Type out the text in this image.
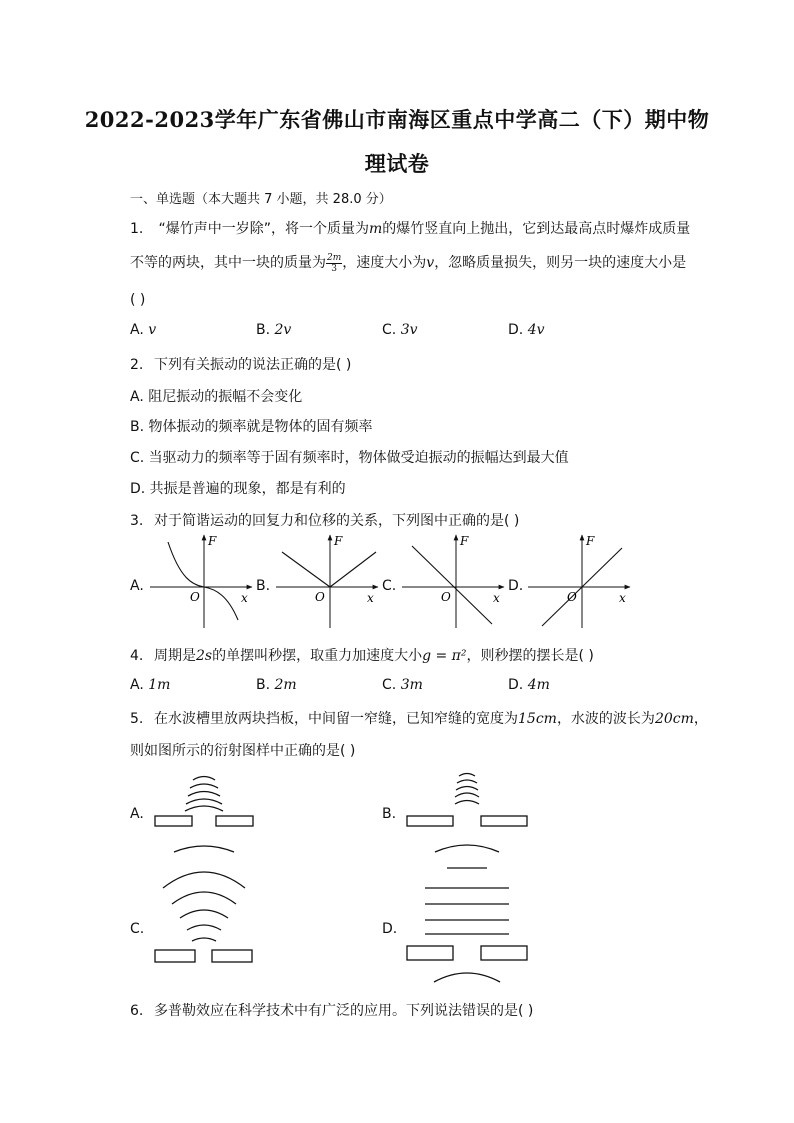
2022-2023学年广东省佛山市南海区重点中学高二（下）期中物
理试卷
一、单选题（本大题共 7 小题，共 28.0 分）
1. “爆竹声中一岁除”，将一个质量为m的爆竹竖直向上抛出，它到达最高点时爆炸成质量
不等的两块，其中一块的质量为 $\frac{2m}{3}$ ，速度大小为v，忽略质量损失，则另一块的速度大小是
( )
A. v	B. 2v	C. 3v	D. 4v
2. 下列有关振动的说法正确的是( )
A. 阻尼振动的振幅不会变化
B. 物体振动的频率就是物体的固有频率
C. 当驱动力的频率等于固有频率时，物体做受迫振动的振幅达到最大值
D. 共振是普遍的现象，都是有利的
3. 对于简谐运动的回复力和位移的关系，下列图中正确的是( )
A.	B.	C.	D.
F
x
O
F
x
O
F
x
O
F
x
O
4. 周期是2s的单摆叫秒摆，取重力加速度大小g = π²，则秒摆的摆长是( )
A. 1m	B. 2m	C. 3m	D. 4m
5. 在水波槽里放两块挡板，中间留一窄缝，已知窄缝的宽度为15cm，水波的波长为20cm，
则如图所示的衍射图样中正确的是( )
A.	B.
C.	D.
6. 多普勒效应在科学技术中有广泛的应用。下列说法错误的是( )
